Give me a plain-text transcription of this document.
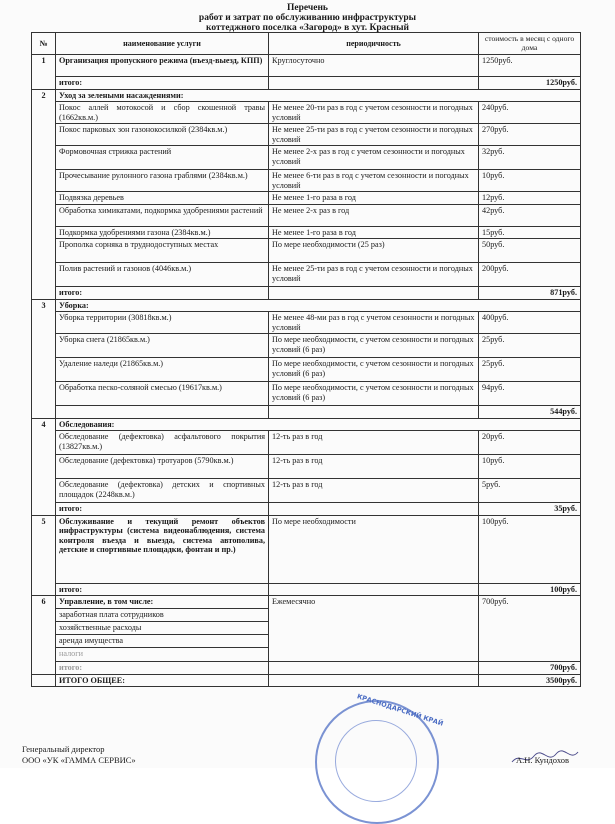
Перечень
работ и затрат по обслуживанию инфраструктуры
коттеджного поселка «Загород» в хут. Красный
№	наименование услуги	периодичность	стоимость в месяц с одного дома
1	Организация пропускного режима (въезд-выезд, КПП)	Круглосуточно	1250руб.
	итого:		1250руб.
2	Уход за зелеными насаждениями:		
	Покос аллей мотокосой и сбор скошенной травы (1662кв.м.)	Не менее 20-ти раз в год с учетом сезонности и погодных условий	240руб.
	Покос парковых зон газонокосилкой (2384кв.м.)	Не менее 25-ти раз в год с учетом сезонности и погодных условий	270руб.
	Формовочная стрижка растений	Не менее 2-х раз в год с учетом сезонности и погодных условий	32руб.
	Прочесывание рулонного газона граблями (2384кв.м.)	Не менее 6-ти раз в год с учетом сезонности и погодных условий	10руб.
	Подвязка деревьев	Не менее 1-го раза в год	12руб.
	Обработка химикатами, подкормка удобрениями растений	Не менее 2-х раз в год	42руб.
	Подкормка удобрениями газона (2384кв.м.)	Не менее 1-го раза в год	15руб.
	Прополка сорняка в труднодоступных местах	По мере необходимости (25 раз)	50руб.
	Полив растений и газонов (4046кв.м.)	Не менее 25-ти раз в год с учетом сезонности и погодных условий	200руб.
	итого:		871руб.
3	Уборка:		
	Уборка территории (30818кв.м.)	Не менее 48-ми раз в год с учетом сезонности и погодных условий	400руб.
	Уборка снега (21865кв.м.)	По мере необходимости, с учетом сезонности и погодных условий (6 раз)	25руб.
	Удаление наледи (21865кв.м.)	По мере необходимости, с учетом сезонности и погодных условий (6 раз)	25руб.
	Обработка песко-соляной смесью (19617кв.м.)	По мере необходимости, с учетом сезонности и погодных условий (6 раз)	94руб.
			544руб.
4	Обследования:		
	Обследование (дефектовка) асфальтового покрытия (13827кв.м.)	12-ть раз в год	20руб.
	Обследование (дефектовка) тротуаров (5790кв.м.)	12-ть раз в год	10руб.
	Обследование (дефектовка) детских и спортивных площадок (2248кв.м.)	12-ть раз в год	5руб.
	итого:		35руб.
5	Обслуживание и текущий ремонт объектов инфраструктуры (система видеонаблюдения, система контроля въезда и выезда, система автополива, детские и спортивные площадки, фонтан и пр.)	По мере необходимости	100руб.
	итого:		100руб.
6	Управление, в том числе:	Ежемесячно	700руб.
	заработная плата сотрудников		
	хозяйственные расходы		
	аренда имущества		
	налоги		
	итого:		700руб.
	ИТОГО ОБЩЕЕ:		3500руб.
КРАСНОДАРСКИЙ КРАЙ
Генеральный директор
ООО «УК «ГАММА СЕРВИС»	А.Н. Кундохов
